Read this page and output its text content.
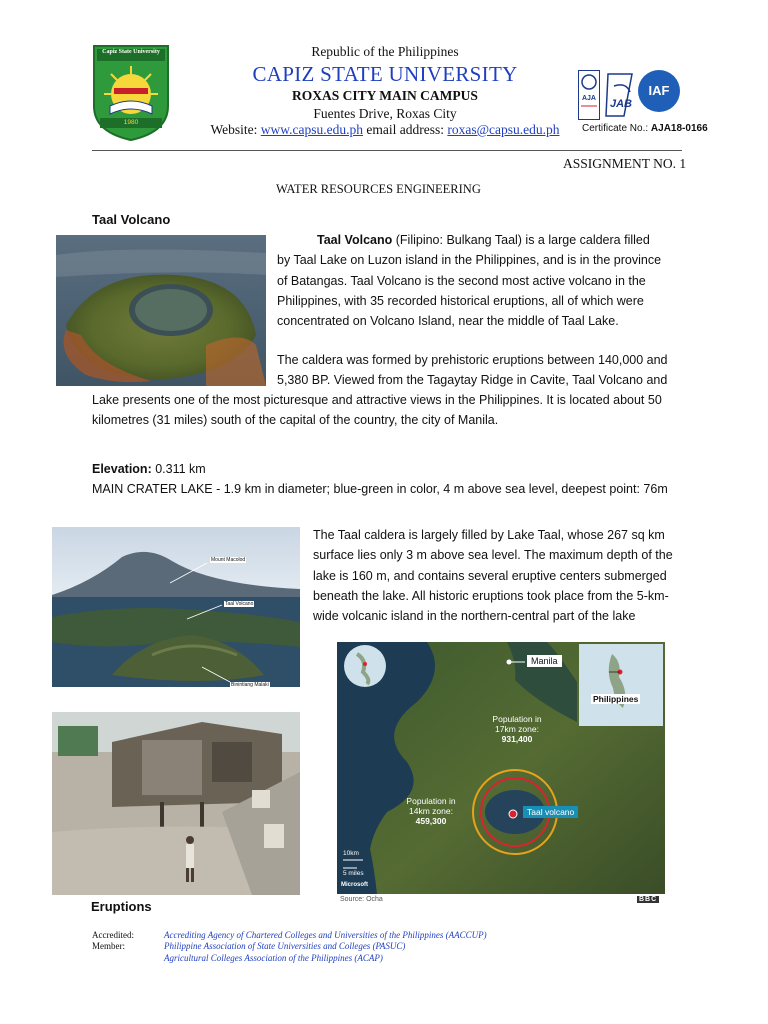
Capiz State University
1980
Republic of the Philippines
CAPIZ STATE UNIVERSITY
ROXAS CITY MAIN CAMPUS
Fuentes Drive, Roxas City
Website: www.capsu.edu.ph email address: roxas@capsu.edu.ph
AJA	JAB
IAF
Certificate No.: AJA18-0166
ASSIGNMENT NO. 1
WATER RESOURCES ENGINEERING
Taal Volcano
Taal Volcano (Filipino: Bulkang Taal) is a large caldera filled
by Taal Lake on Luzon island in the Philippines, and is in the province
of Batangas. Taal Volcano is the second most active volcano in the
Philippines, with 35 recorded historical eruptions, all of which were
concentrated on Volcano Island, near the middle of Taal Lake.
The caldera was formed by prehistoric eruptions between 140,000 and
5,380 BP. Viewed from the Tagaytay Ridge in Cavite, Taal Volcano and
Lake presents one of the most picturesque and attractive views in the Philippines. It is located about 50
kilometres (31 miles) south of the capital of the country, the city of Manila.
Elevation: 0.311 km
MAIN CRATER LAKE - 1.9 km in diameter; blue-green in color, 4 m above sea level, deepest point: 76m
Mount Macolod
Taal Volcano
Binintiang Malaki
The Taal caldera is largely filled by Lake Taal, whose 267 sq km
surface lies only 3 m above sea level. The maximum depth of the
lake is 160 m, and contains several eruptive centers submerged
beneath the lake. All historic eruptions took place from the 5-km-
wide volcanic island in the northern-central part of the lake
Manila
Philippines
Population in
17km zone:
931,400
Population in
14km zone:
459,300
Taal volcano
10km
5 miles
Microsoft
Source: Ocha	BBC
Eruptions
Accredited:
Member:
Accrediting Agency of Chartered Colleges and Universities of the Philippines (AACCUP)
Philippine Association of State Universities and Colleges (PASUC)
Agricultural Colleges Association of the Philippines (ACAP)
